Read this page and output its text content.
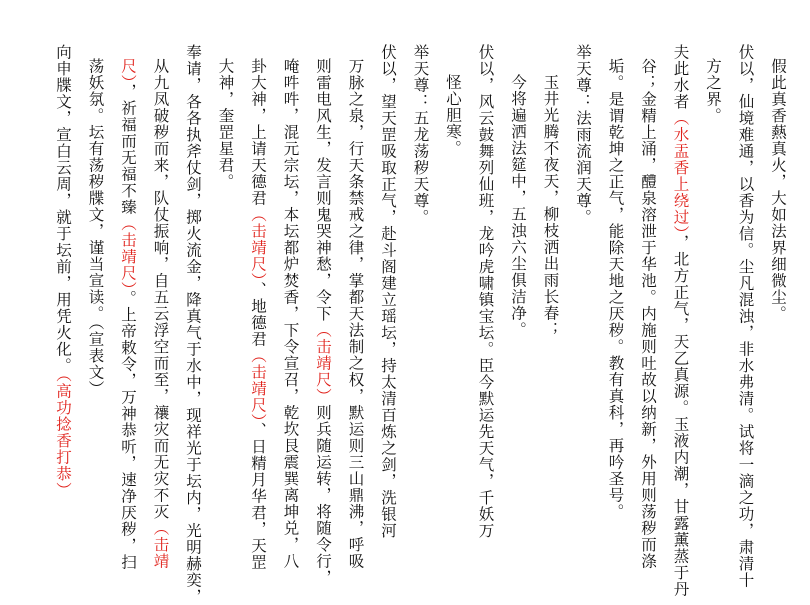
假此真香爇真火，大如法界细微尘。
伏以，仙境难通，以香为信。尘凡混浊，非水弗清。试将一滴之功，肃清十
方之界。
夫此水者（水盂香上绕过），北方正气，天乙真源。玉液内潮，甘露薰蒸于丹
谷；金精上涌，醴泉溶泄于华池。内施则吐故以纳新，外用则荡秽而涤
垢。是谓乾坤之正气，能除天地之厌秽。教有真科，再吟圣号。
举天尊：法雨流润天尊。
玉井光腾不夜天，柳枝洒出雨长春；
今将遍洒法筵中，五浊六尘俱洁净。
伏以，风云鼓舞列仙班，龙吟虎啸镇宝坛。臣今默运先天气，千妖万
怪心胆寒。
举天尊：五龙荡秽天尊。
伏以，望天罡吸取正气，赴斗阁建立瑶坛，持太清百炼之剑，洗银河
万脉之泉，行天条禁戒之律，掌都天法制之权，默运则三山鼎沸，呼吸
则雷电风生，发言则鬼哭神愁，令下（击靖尺）则兵随运转，将随令行，
唵吽吽，混元宗坛，本坛都炉焚香，下令宣召，乾坎艮震巽离坤兑，八
卦大神，上请天德君（击靖尺）、地德君（击靖尺）、日精月华君，天罡
大神，奎罡星君。
奉请，各各执斧仗剑，掷火流金，降真气于水中，现祥光于坛内，光明赫奕，
从九凤破秽而来，队仗振响，自五云浮空而至，禳灾而无灾不灭（击靖
尺），祈福而无福不臻（击靖尺）。上帝敕令，万神恭听，速净厌秽，扫
荡妖氛。坛有荡秽牒文，谨当宣读。（宣表文）
向申牒文，宣白云周，就于坛前，用凭火化。（高功捻香打恭）
